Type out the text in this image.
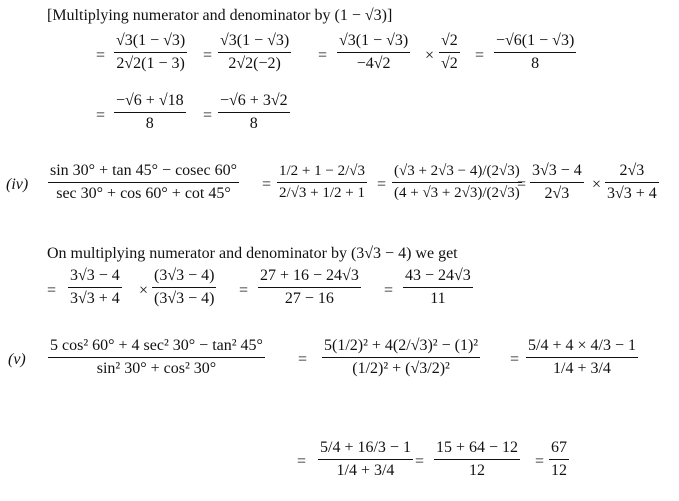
[Multiplying numerator and denominator by (1 − √3)]
=
√3(1 − √3)
2√2(1 − 3) =
√3(1 − √3)
2√2(−2)	=
√3(1 − √3)
−4√2	×
√2
√2 =
−√6(1 − √3)
8
=
−√6 + √18
8	=
−√6 + 3√2
8
(iv)
sin 30° + tan 45° − cosec 60°
sec 30° + cos 60° + cot 45°
=
1/2 + 1 − 2/√3
2/√3 + 1/2 + 1 =
(√3 + 2√3 − 4)/(2√3)
(4 + √3 + 2√3)/(2√3)
=
3√3 − 4
2√3
×
2√3
3√3 + 4
On multiplying numerator and denominator by (3√3 − 4) we get
=
3√3 − 4
3√3 + 4 ×
(3√3 − 4)
(3√3 − 4) =
27 + 16 − 24√3
27 − 16	=
43 − 24√3
11
(v)
5 cos² 60° + 4 sec² 30° − tan² 45°
sin² 30° + cos² 30°
=
5(1/2)² + 4(2/√3)² − (1)²
(1/2)² + (√3/2)²
=
5/4 + 4 × 4/3 − 1
1/4 + 3/4
=
5/4 + 16/3 − 1
1/4 + 3/4
=
15 + 64 − 12
12
=
67
12
